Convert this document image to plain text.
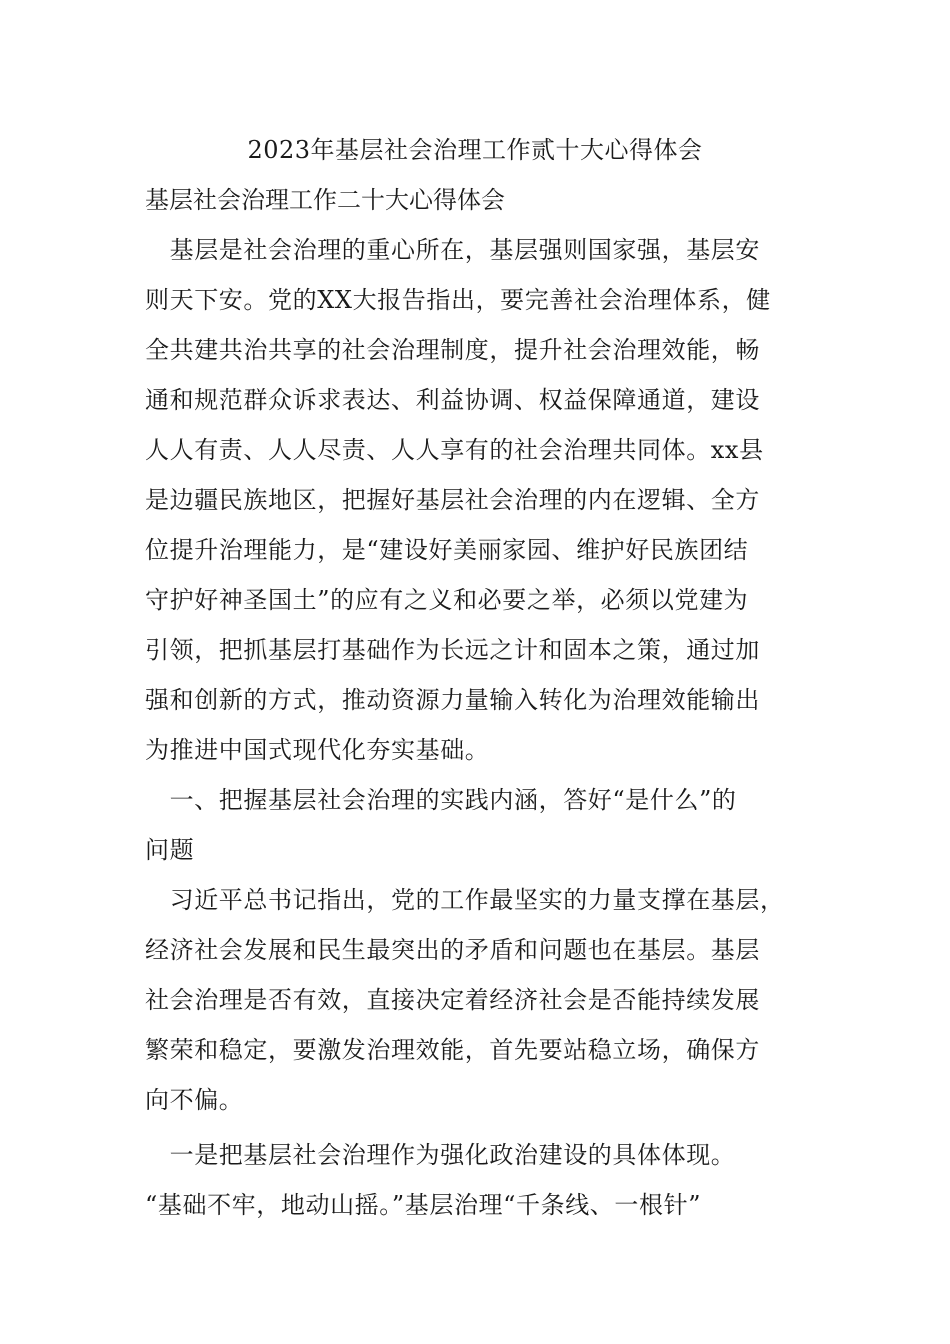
2023年基层社会治理工作贰十大心得体会

基层社会治理工作二十大心得体会

　基层是社会治理的重心所在，基层强则国家强，基层安

则天下安。党的XX大报告指出，要完善社会治理体系，健

全共建共治共享的社会治理制度，提升社会治理效能，畅

通和规范群众诉求表达、利益协调、权益保障通道，建设

人人有责、人人尽责、人人享有的社会治理共同体。xx县

是边疆民族地区，把握好基层社会治理的内在逻辑、全方

位提升治理能力，是“建设好美丽家园、维护好民族团结

守护好神圣国土”的应有之义和必要之举，必须以党建为

引领，把抓基层打基础作为长远之计和固本之策，通过加

强和创新的方式，推动资源力量输入转化为治理效能输出

为推进中国式现代化夯实基础。

　一、把握基层社会治理的实践内涵，答好“是什么”的

问题

　习近平总书记指出，党的工作最坚实的力量支撑在基层，

经济社会发展和民生最突出的矛盾和问题也在基层。基层

社会治理是否有效，直接决定着经济社会是否能持续发展

繁荣和稳定，要激发治理效能，首先要站稳立场，确保方

向不偏。

　一是把基层社会治理作为强化政治建设的具体体现。

“基础不牢，地动山摇。”基层治理“千条线、一根针”
